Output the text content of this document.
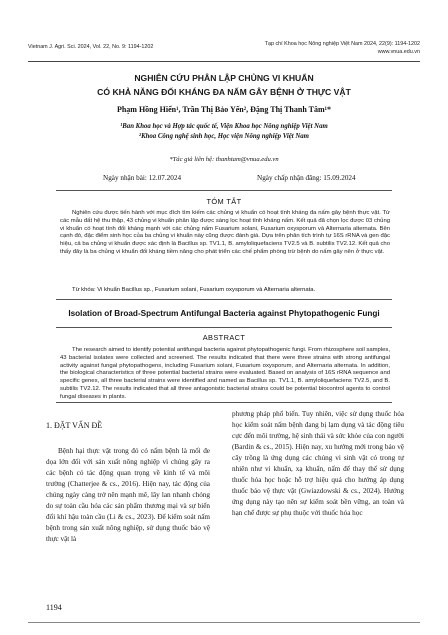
Vietnam J. Agri. Sci. 2024, Vol. 22, No. 9: 1194-1202	Tạp chí Khoa học Nông nghiệp Việt Nam 2024, 22(9): 1194-1202
www.vnua.edu.vn
NGHIÊN CỨU PHÂN LẬP CHỦNG VI KHUẨN
CÓ KHẢ NĂNG ĐỐI KHÁNG ĐA NẤM GÂY BỆNH Ở THỰC VẬT
Phạm Hồng Hiển¹, Trần Thị Bảo Yến², Đặng Thị Thanh Tâm¹*
¹Ban Khoa học và Hợp tác quốc tế, Viện Khoa học Nông nghiệp Việt Nam
²Khoa Công nghệ sinh học, Học viện Nông nghiệp Việt Nam
*Tác giả liên hệ: thanhtam@vnua.edu.vn
Ngày nhận bài: 12.07.2024	Ngày chấp nhận đăng: 15.09.2024
TÓM TẮT

Nghiên cứu được tiến hành với mục đích tìm kiếm các chủng vi khuẩn có hoạt tính kháng đa nấm gây bệnh thực vật. Từ các mẫu đất hệ thu thập, 43 chủng vi khuẩn phân lập được sàng lọc hoạt tính kháng nấm. Kết quả đã chọn lọc được 03 chủng vi khuẩn có hoạt tính đối kháng mạnh với các chủng nấm Fusarium solani, Fusarium oxysporum và Alternaria alternata. Bên cạnh đó, đặc điểm sinh học của ba chủng vi khuẩn này cũng được đánh giá. Dựa trên phân tích trình tự 16S rRNA và gen đặc hiệu, cả ba chủng vi khuẩn được xác định là Bacillus sp. TV1.1, B. amyloliquefaciens TV2.5 và B. subtilis TV2.12. Kết quả cho thấy đây là ba chủng vi khuẩn đối kháng tiềm năng cho phát triển các chế phẩm phòng trừ bệnh do nấm gây nên ở thực vật.

Từ khóa: Vi khuẩn Bacillus sp., Fusarium solani, Fusarium oxysporum và Alternaria alternata.
Isolation of Broad-Spectrum Antifungal Bacteria against Phytopathogenic Fungi
ABSTRACT

The research aimed to identify potential antifungal bacteria against phytopathogenic fungi. From rhizosphere soil samples, 43 bacterial isolates were collected and screened. The results indicated that there were three strains with strong antifungal activity against fungal phytopathogens, including Fusarium solani, Fusarium oxysporum, and Alternaria alternata. In addition, the biological characteristics of three potential bacterial strains were evaluated. Based on analysis of 16S rRNA sequence and specific genes, all three bacterial strains were identified and named as Bacillus sp. TV1.1, B. amyloliquefaciens TV2.5, and B. subtilis TV2.12. The results indicated that all three antagonistic bacterial strains could be potential biocontrol agents to control fungal diseases in plants.

1. ĐẶT VẤN ĐỀ

Bệnh hại thực vật trong đó có nấm bệnh là mối đe dọa lớn đối với sản xuất nông nghiệp vì chúng gây ra các bệnh có tác động quan trọng về kinh tế và môi trường (Chatterjee & cs., 2016). Hiện nay, tác động của chúng ngày càng trở nên mạnh mẽ, lây lan nhanh chóng do sự toàn cầu hóa các sản phẩm thương mại và sự biến đổi khí hậu toàn cầu (Li & cs., 2023). Để kiểm soát nấm bệnh trong sản xuất nông nghiệp, sử dụng thuốc bảo vệ thực vật là

phương pháp phổ biến. Tuy nhiên, việc sử dụng thuốc hóa học kiểm soát nấm bệnh đang bị lạm dụng và tác động tiêu cực đến môi trường, hệ sinh thái và sức khỏe của con người (Bardin & cs., 2015). Hiện nay, xu hướng mới trong bảo vệ cây trồng là ứng dụng các chủng vi sinh vật có trong tự nhiên như vi khuẩn, xạ khuẩn, nấm để thay thế sử dụng thuốc hóa học hoặc hỗ trợ hiệu quả cho hướng áp dụng thuốc bảo vệ thực vật (Gwiazdowski & cs., 2024). Hướng ứng dụng này tạo nên sự kiểm soát bền vững, an toàn và hạn chế được sự phụ thuộc với thuốc hóa học

1194
